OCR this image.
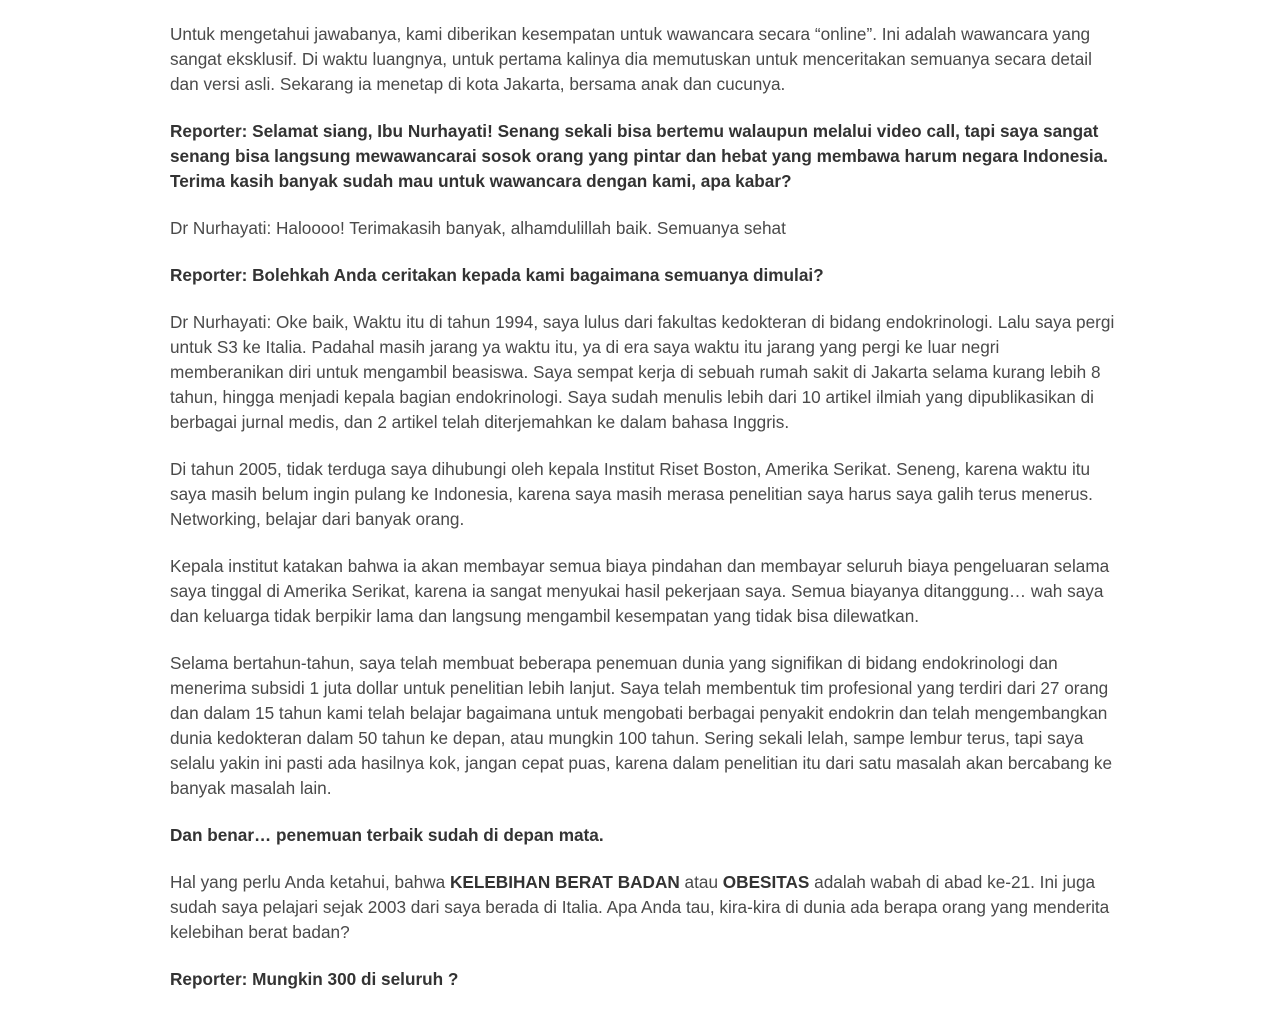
Untuk mengetahui jawabanya, kami diberikan kesempatan untuk wawancara secara “online”. Ini adalah wawancara yang sangat eksklusif. Di waktu luangnya, untuk pertama kalinya dia memutuskan untuk menceritakan semuanya secara detail dan versi asli. Sekarang ia menetap di kota Jakarta, bersama anak dan cucunya.

Reporter: Selamat siang, Ibu Nurhayati! Senang sekali bisa bertemu walaupun melalui video call, tapi saya sangat senang bisa langsung mewawancarai sosok orang yang pintar dan hebat yang membawa harum negara Indonesia. Terima kasih banyak sudah mau untuk wawancara dengan kami, apa kabar?

Dr Nurhayati: Haloooo! Terimakasih banyak, alhamdulillah baik. Semuanya sehat

Reporter: Bolehkah Anda ceritakan kepada kami bagaimana semuanya dimulai?

Dr Nurhayati: Oke baik, Waktu itu di tahun 1994, saya lulus dari fakultas kedokteran di bidang endokrinologi. Lalu saya pergi untuk S3 ke Italia. Padahal masih jarang ya waktu itu, ya di era saya waktu itu jarang yang pergi ke luar negri memberanikan diri untuk mengambil beasiswa. Saya sempat kerja di sebuah rumah sakit di Jakarta selama kurang lebih 8 tahun, hingga menjadi kepala bagian endokrinologi. Saya sudah menulis lebih dari 10 artikel ilmiah yang dipublikasikan di berbagai jurnal medis, dan 2 artikel telah diterjemahkan ke dalam bahasa Inggris.

Di tahun 2005, tidak terduga saya dihubungi oleh kepala Institut Riset Boston, Amerika Serikat. Seneng, karena waktu itu saya masih belum ingin pulang ke Indonesia, karena saya masih merasa penelitian saya harus saya galih terus menerus. Networking, belajar dari banyak orang.

Kepala institut katakan bahwa ia akan membayar semua biaya pindahan dan membayar seluruh biaya pengeluaran selama saya tinggal di Amerika Serikat, karena ia sangat menyukai hasil pekerjaan saya. Semua biayanya ditanggung… wah saya dan keluarga tidak berpikir lama dan langsung mengambil kesempatan yang tidak bisa dilewatkan.

Selama bertahun-tahun, saya telah membuat beberapa penemuan dunia yang signifikan di bidang endokrinologi dan menerima subsidi 1 juta dollar untuk penelitian lebih lanjut. Saya telah membentuk tim profesional yang terdiri dari 27 orang dan dalam 15 tahun kami telah belajar bagaimana untuk mengobati berbagai penyakit endokrin dan telah mengembangkan dunia kedokteran dalam 50 tahun ke depan, atau mungkin 100 tahun. Sering sekali lelah, sampe lembur terus, tapi saya selalu yakin ini pasti ada hasilnya kok, jangan cepat puas, karena dalam penelitian itu dari satu masalah akan bercabang ke banyak masalah lain.

Dan benar… penemuan terbaik sudah di depan mata.

Hal yang perlu Anda ketahui, bahwa KELEBIHAN BERAT BADAN atau OBESITAS adalah wabah di abad ke-21. Ini juga sudah saya pelajari sejak 2003 dari saya berada di Italia. Apa Anda tau, kira-kira di dunia ada berapa orang yang menderita kelebihan berat badan?

Reporter: Mungkin 300 di seluruh ?
